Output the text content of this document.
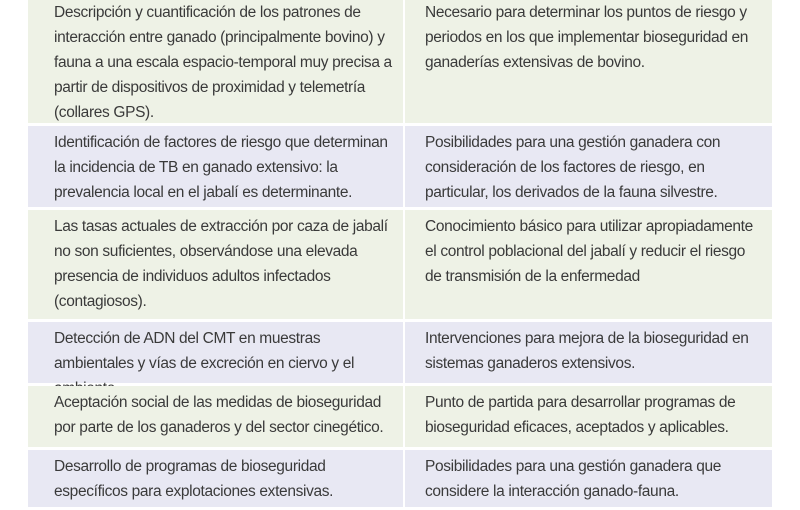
Descripción y cuantificación de los patrones de interacción entre ganado (principalmente bovino) y fauna a una escala espacio-temporal muy precisa a partir de dispositivos de proximidad y telemetría (collares GPS).
Necesario para determinar los puntos de riesgo y periodos en los que implementar bioseguridad en ganaderías extensivas de bovino.
Identificación de factores de riesgo que determinan la incidencia de TB en ganado extensivo: la prevalencia local en el jabalí es determinante.
Posibilidades para una gestión ganadera con consideración de los factores de riesgo, en particular, los derivados de la fauna silvestre.
Las tasas actuales de extracción por caza de jabalí no son suficientes, observándose una elevada presencia de individuos adultos infectados (contagiosos).
Conocimiento básico para utilizar apropiadamente el control poblacional del jabalí y reducir el riesgo de transmisión de la enfermedad
Detección de ADN del CMT en muestras ambientales y vías de excreción en ciervo y el
Intervenciones para mejora de la bioseguridad en sistemas ganaderos extensivos.
Aceptación social de las medidas de bioseguridad por parte de los ganaderos y del sector cinegético.
Punto de partida para desarrollar programas de bioseguridad eficaces, aceptados y aplicables.
Desarrollo de programas de bioseguridad específicos para explotaciones extensivas.
Posibilidades para una gestión ganadera que considere la interacción ganado-fauna.
